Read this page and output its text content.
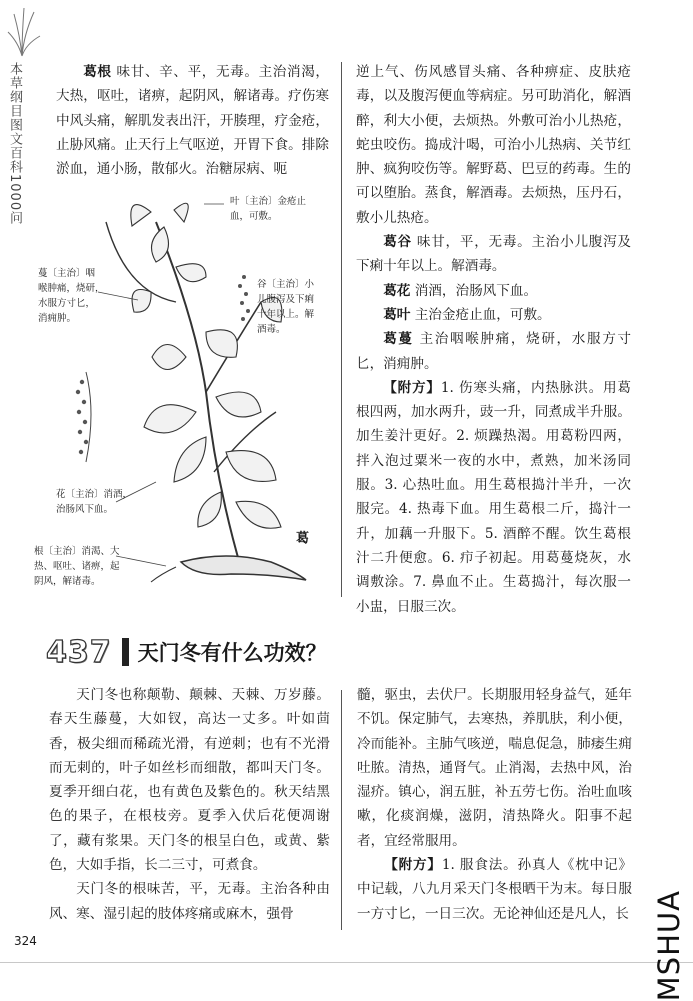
本草纲目图文百科1000问	葛根 味甘、辛、平，无毒。主治消渴，大热，呕吐，诸痹，起阴风，解诸毒。疗伤寒中风头痛，解肌发表出汗，开腠理，疗金疮，止胁风痛。止天行上气呕逆，开胃下食。排除淤血，通小肠，散郁火。治糖尿病、呃

逆上气、伤风感冒头痛、各种痹症、皮肤疮毒，以及腹泻便血等病症。另可助消化，解酒醉，利大小便，去烦热。外敷可治小儿热疮，蛇虫咬伤。捣成汁喝，可治小儿热病、关节红肿、疯狗咬伤等。解野葛、巴豆的药毒。生的可以堕胎。蒸食，解酒毒。去烦热，压丹石，敷小儿热疮。

葛谷 味甘，平，无毒。主治小儿腹泻及下痢十年以上。解酒毒。

葛花 消酒，治肠风下血。

葛叶 主治金疮止血，可敷。

葛蔓 主治咽喉肿痛，烧研，水服方寸匕，消痈肿。

【附方】1. 伤寒头痛，内热脉洪。用葛根四两，加水两升，豉一升，同煮成半升服。加生姜汁更好。2. 烦躁热渴。用葛粉四两，拌入泡过粟米一夜的水中，煮熟，加米汤同服。3. 心热吐血。用生葛根捣汁半升，一次服完。4. 热毒下血。用生葛根二斤，捣汁一升，加藕一升服下。5. 酒醉不醒。饮生葛根汁二升便愈。6. 疖子初起。用葛蔓烧灰，水调敷涂。7. 鼻血不止。生葛捣汁，每次服一小盅，日服三次。

叶〔主治〕金疮止
血，可敷。
蔓〔主治〕咽
喉肿痛，烧研，
水服方寸匕，
消痈肿。
谷〔主治〕小
儿腹泻及下痢
十年以上。解
酒毒。
花〔主治〕消酒，
治肠风下血。
根〔主治〕消渴、大
热、呕吐、诸痹，起
阴风，解诸毒。
葛
437 天门冬有什么功效？

天门冬也称颠勒、颠棘、天棘、万岁藤。春天生藤蔓，大如钗，高达一丈多。叶如茴香，极尖细而稀疏光滑，有逆刺；也有不光滑而无刺的，叶子如丝杉而细散，都叫天门冬。夏季开细白花，也有黄色及紫色的。秋天结黑色的果子，在根枝旁。夏季入伏后花便凋谢了，藏有浆果。天门冬的根呈白色，或黄、紫色，大如手指，长二三寸，可煮食。

天门冬的根味苦，平，无毒。主治各种由风、寒、湿引起的肢体疼痛或麻木，强骨

髓，驱虫，去伏尸。长期服用轻身益气，延年不饥。保定肺气，去寒热，养肌肤，利小便，冷而能补。主肺气咳逆，喘息促急，肺痿生痈吐脓。清热，通肾气。止消渴，去热中风，治湿疥。镇心，润五脏，补五劳七伤。治吐血咳嗽，化痰润燥，滋阴，清热降火。阳事不起者，宜经常服用。

【附方】1. 服食法。孙真人《枕中记》中记载，八九月采天门冬根晒干为末。每日服一方寸匕，一日三次。无论神仙还是凡人，长

324	MSHUA
